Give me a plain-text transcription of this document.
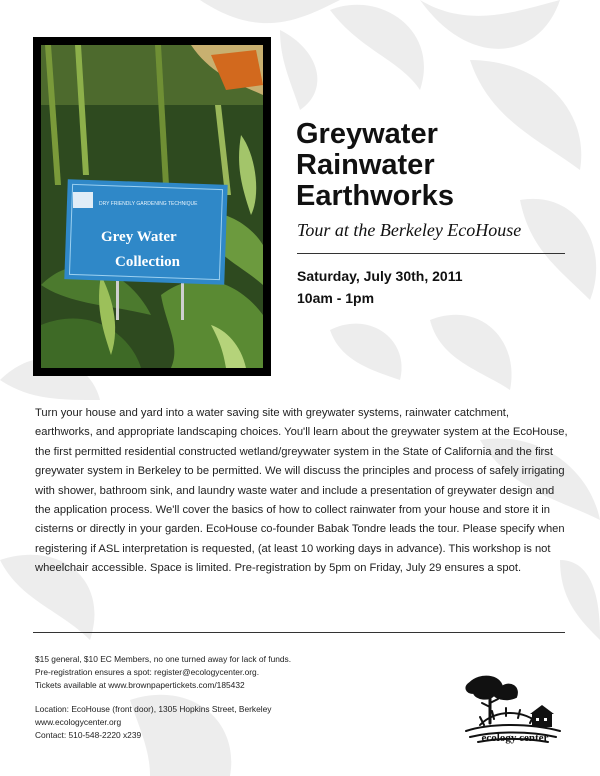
DRY FRIENDLY GARDENING TECHNIQUE
Grey Water
Collection
Greywater
Rainwater
Earthworks
Tour at the Berkeley EcoHouse
Saturday, July 30th, 2011
10am - 1pm

Turn your house and yard into a water saving site with greywater systems, rainwater catchment, earthworks, and appropriate landscaping choices. You'll learn about the greywater system at the EcoHouse, the first permitted residential constructed wetland/greywater system in the State of California and the first greywater system in Berkeley to be permitted. We will discuss the principles and process of safely irrigating with shower, bathroom sink, and laundry waste water and include a presentation of greywater design and the application process. We'll cover the basics of how to collect rainwater from your house and store it in cisterns or directly in your garden. EcoHouse co-founder Babak Tondre leads the tour. Please specify when registering if ASL interpretation is requested, (at least 10 working days in advance). This workshop is not wheelchair accessible. Space is limited. Pre-registration by 5pm on Friday, July 29 ensures a spot.

$15 general, $10 EC Members, no one turned away for lack of funds.
Pre-registration ensures a spot: register@ecologycenter.org.
Tickets available at www.brownpapertickets.com/185432
Location: EcoHouse (front door), 1305 Hopkins Street, Berkeley
www.ecologycenter.org
Contact: 510-548-2220 x239	ecology center
